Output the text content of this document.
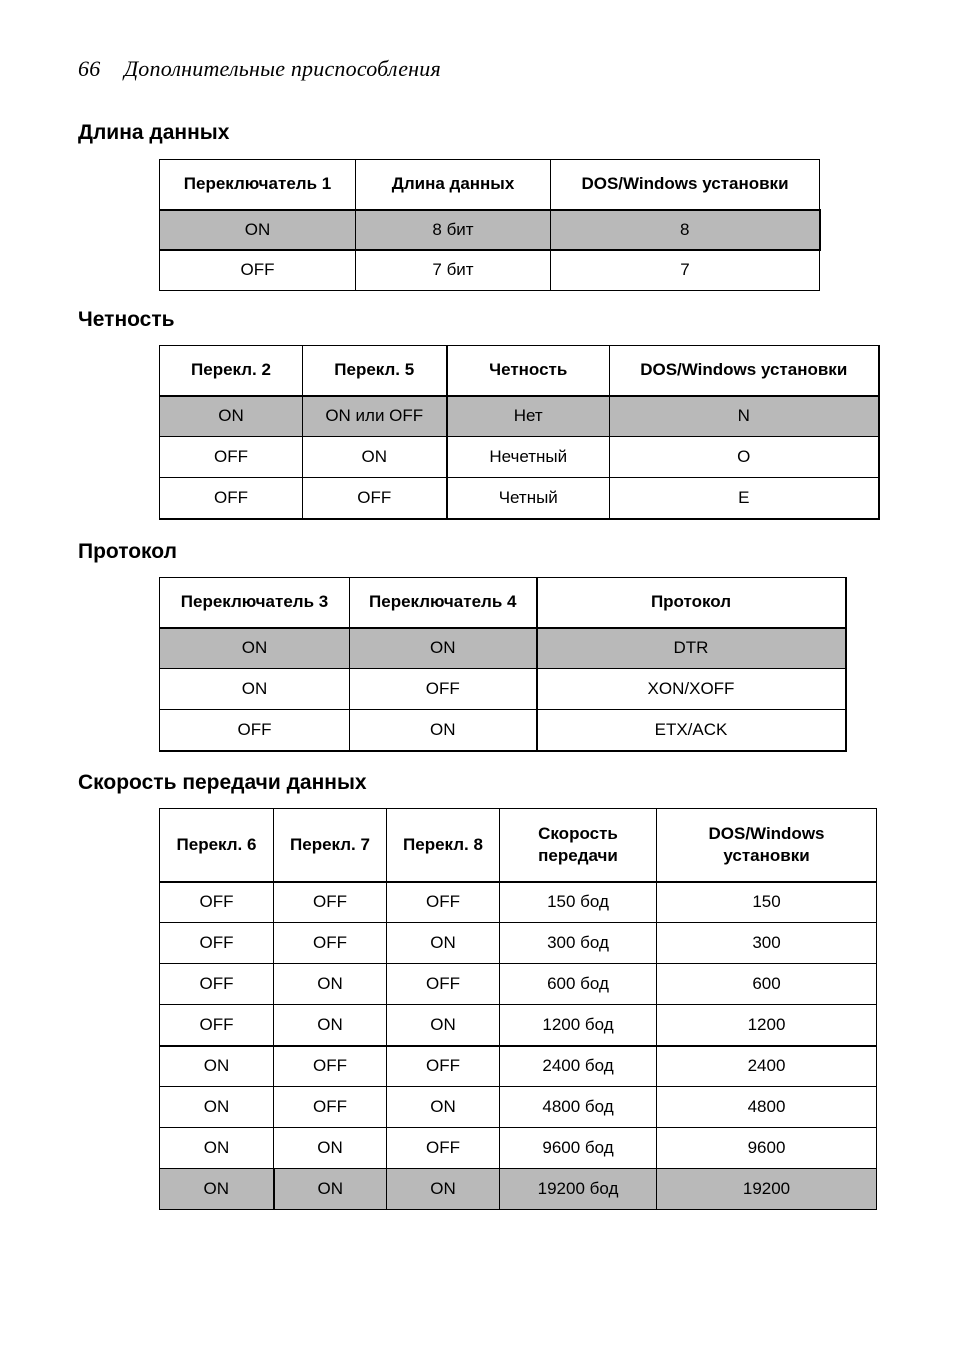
66 Дополнительные приспособления
Длина данных
Переключатель 1	Длина данных	DOS/Windows установки
ON	8 бит	8
OFF	7 бит	7
Четность
Перекл. 2	Перекл. 5	Четность	DOS/Windows установки
ON	ON или OFF	Нет	N
OFF	ON	Нечетный	O
OFF	OFF	Четный	E
Протокол
Переключатель 3	Переключатель 4	Протокол
ON	ON	DTR
ON	OFF	XON/XOFF
OFF	ON	ETX/ACK
Скорость передачи данных
Перекл. 6	Перекл. 7	Перекл. 8	Скорость передачи	DOS/Windows установки
OFF	OFF	OFF	150 бод	150
OFF	OFF	ON	300 бод	300
OFF	ON	OFF	600 бод	600
OFF	ON	ON	1200 бод	1200
ON	OFF	OFF	2400 бод	2400
ON	OFF	ON	4800 бод	4800
ON	ON	OFF	9600 бод	9600
ON	ON	ON	19200 бод	19200
